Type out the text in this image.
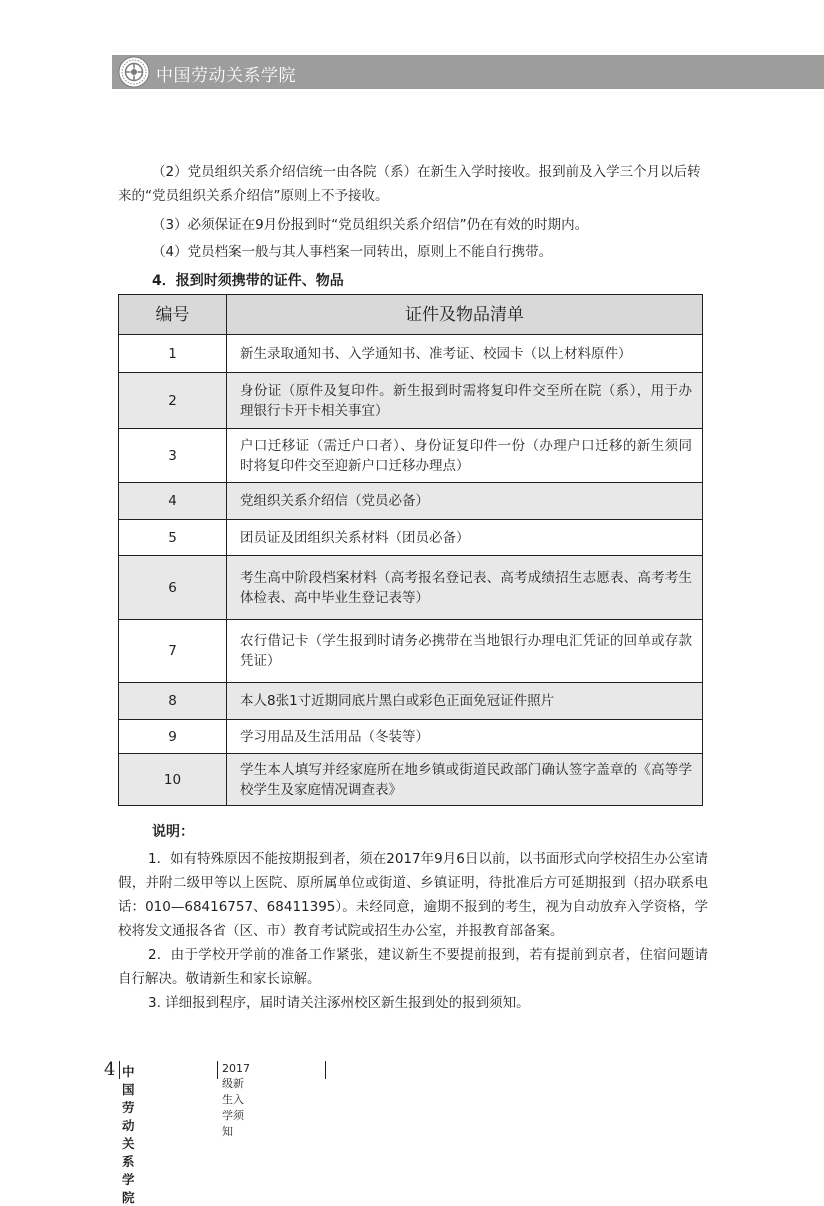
中国劳动关系学院

（2）党员组织关系介绍信统一由各院（系）在新生入学时接收。报到前及入学三个月以后转来的“党员组织关系介绍信”原则上不予接收。

（3）必须保证在9月份报到时“党员组织关系介绍信”仍在有效的时期内。

（4）党员档案一般与其人事档案一同转出，原则上不能自行携带。

4．报到时须携带的证件、物品
编号	证件及物品清单
1	新生录取通知书、入学通知书、准考证、校园卡（以上材料原件）
2	身份证（原件及复印件。新生报到时需将复印件交至所在院（系），用于办理银行卡开卡相关事宜）
3	户口迁移证（需迁户口者）、身份证复印件一份（办理户口迁移的新生须同时将复印件交至迎新户口迁移办理点）
4	党组织关系介绍信（党员必备）
5	团员证及团组织关系材料（团员必备）
6	考生高中阶段档案材料（高考报名登记表、高考成绩招生志愿表、高考考生体检表、高中毕业生登记表等）
7	农行借记卡（学生报到时请务必携带在当地银行办理电汇凭证的回单或存款凭证）
8	本人8张1寸近期同底片黑白或彩色正面免冠证件照片
9	学习用品及生活用品（冬装等）
10	学生本人填写并经家庭所在地乡镇或街道民政部门确认签字盖章的《高等学校学生及家庭情况调查表》
说明：

1．如有特殊原因不能按期报到者，须在2017年9月6日以前，以书面形式向学校招生办公室请假，并附二级甲等以上医院、原所属单位或街道、乡镇证明，待批准后方可延期报到（招办联系电话：010—68416757、68411395）。未经同意，逾期不报到的考生，视为自动放弃入学资格，学校将发文通报各省（区、市）教育考试院或招生办公室，并报教育部备案。

2．由于学校开学前的准备工作紧张，建议新生不要提前报到，若有提前到京者，住宿问题请自行解决。敬请新生和家长谅解。

3. 详细报到程序，届时请关注涿州校区新生报到处的报到须知。

4 中国劳动关系学院
2017级新生入学须知
